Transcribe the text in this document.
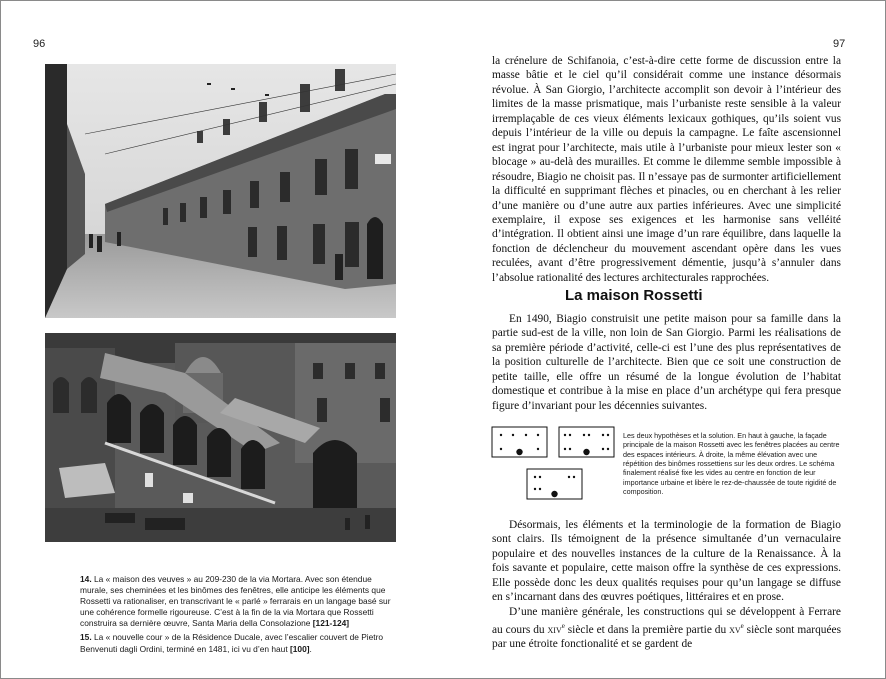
96	97

14. La « maison des veuves » au 209-230 de la via Mortara. Avec son étendue murale, ses cheminées et les binômes des fenêtres, elle anticipe les éléments que Rossetti va rationaliser, en transcrivant le « parlé » ferrarais en un langage basé sur une cohérence formelle rigoureuse. C’est à la fin de la via Mortara que Rossetti construira sa dernière œuvre, Santa Maria della Consolazione [121-124]

15. La « nouvelle cour » de la Résidence Ducale, avec l’escalier couvert de Pietro Benvenuti dagli Ordini, terminé en 1481, ici vu d’en haut [100].

la crénelure de Schifanoia, c’est-à-dire cette forme de discussion entre la masse bâtie et le ciel qu’il considérait comme une instance désormais révolue. À San Giorgio, l’architecte accomplit son devoir à l’intérieur des limites de la masse prismatique, mais l’urbaniste reste sensible à la valeur irremplaçable de ces vieux éléments lexicaux gothiques, qu’ils soient vus depuis l’intérieur de la ville ou depuis la campagne. Le faîte ascensionnel est ingrat pour l’architecte, mais utile à l’urbaniste pour mieux lester son « blocage » au-delà des murailles. Et comme le dilemme semble impossible à résoudre, Biagio ne choisit pas. Il n’essaye pas de surmonter artificiellement la difficulté en supprimant flèches et pinacles, ou en cherchant à les relier d’une manière ou d’une autre aux parties inférieures. Avec une simplicité exemplaire, il expose ses exigences et les harmonise sans velléité d’intégration. Il obtient ainsi une image d’un rare équilibre, dans laquelle la fonction de déclencheur du mouvement ascendant opère dans les vues reculées, avant d’être progressivement démentie, jusqu’à s’annuler dans l’absolue rationalité des lectures architecturales rapprochées.

La maison Rossetti

En 1490, Biagio construisit une petite maison pour sa famille dans la partie sud-est de la ville, non loin de San Giorgio. Parmi les réalisations de sa première période d’activité, celle-ci est l’une des plus représentatives de la position culturelle de l’architecte. Bien que ce soit une construction de petite taille, elle offre un résumé de la longue évolution de l’habitat domestique et contribue à la mise en place d’un archétype qui fera presque figure d’invariant pour les décennies suivantes.

Les deux hypothèses et la solution. En haut à gauche, la façade principale de la maison Rossetti avec les fenêtres placées au centre des espaces intérieurs. À droite, la même élévation avec une répétition des binômes rossettiens sur les deux ordres. Le schéma finalement réalisé fixe les vides au centre en fonction de leur importance urbaine et libère le rez-de-chaussée de toute rigidité de composition.

Désormais, les éléments et la terminologie de la formation de Biagio sont clairs. Ils témoignent de la présence simultanée d’un vernaculaire populaire et des nouvelles instances de la culture de la Renaissance. À la fois savante et populaire, cette maison offre la synthèse de ces expressions. Elle possède donc les deux qualités requises pour qu’un langage se diffuse en s’incarnant dans des œuvres poétiques, littéraires et en prose.

D’une manière générale, les constructions qui se développent à Ferrare au cours du xiv$^e$ siècle et dans la première partie du $xv^e$ siècle sont marquées par une étroite fonctionalité et se gardent de
